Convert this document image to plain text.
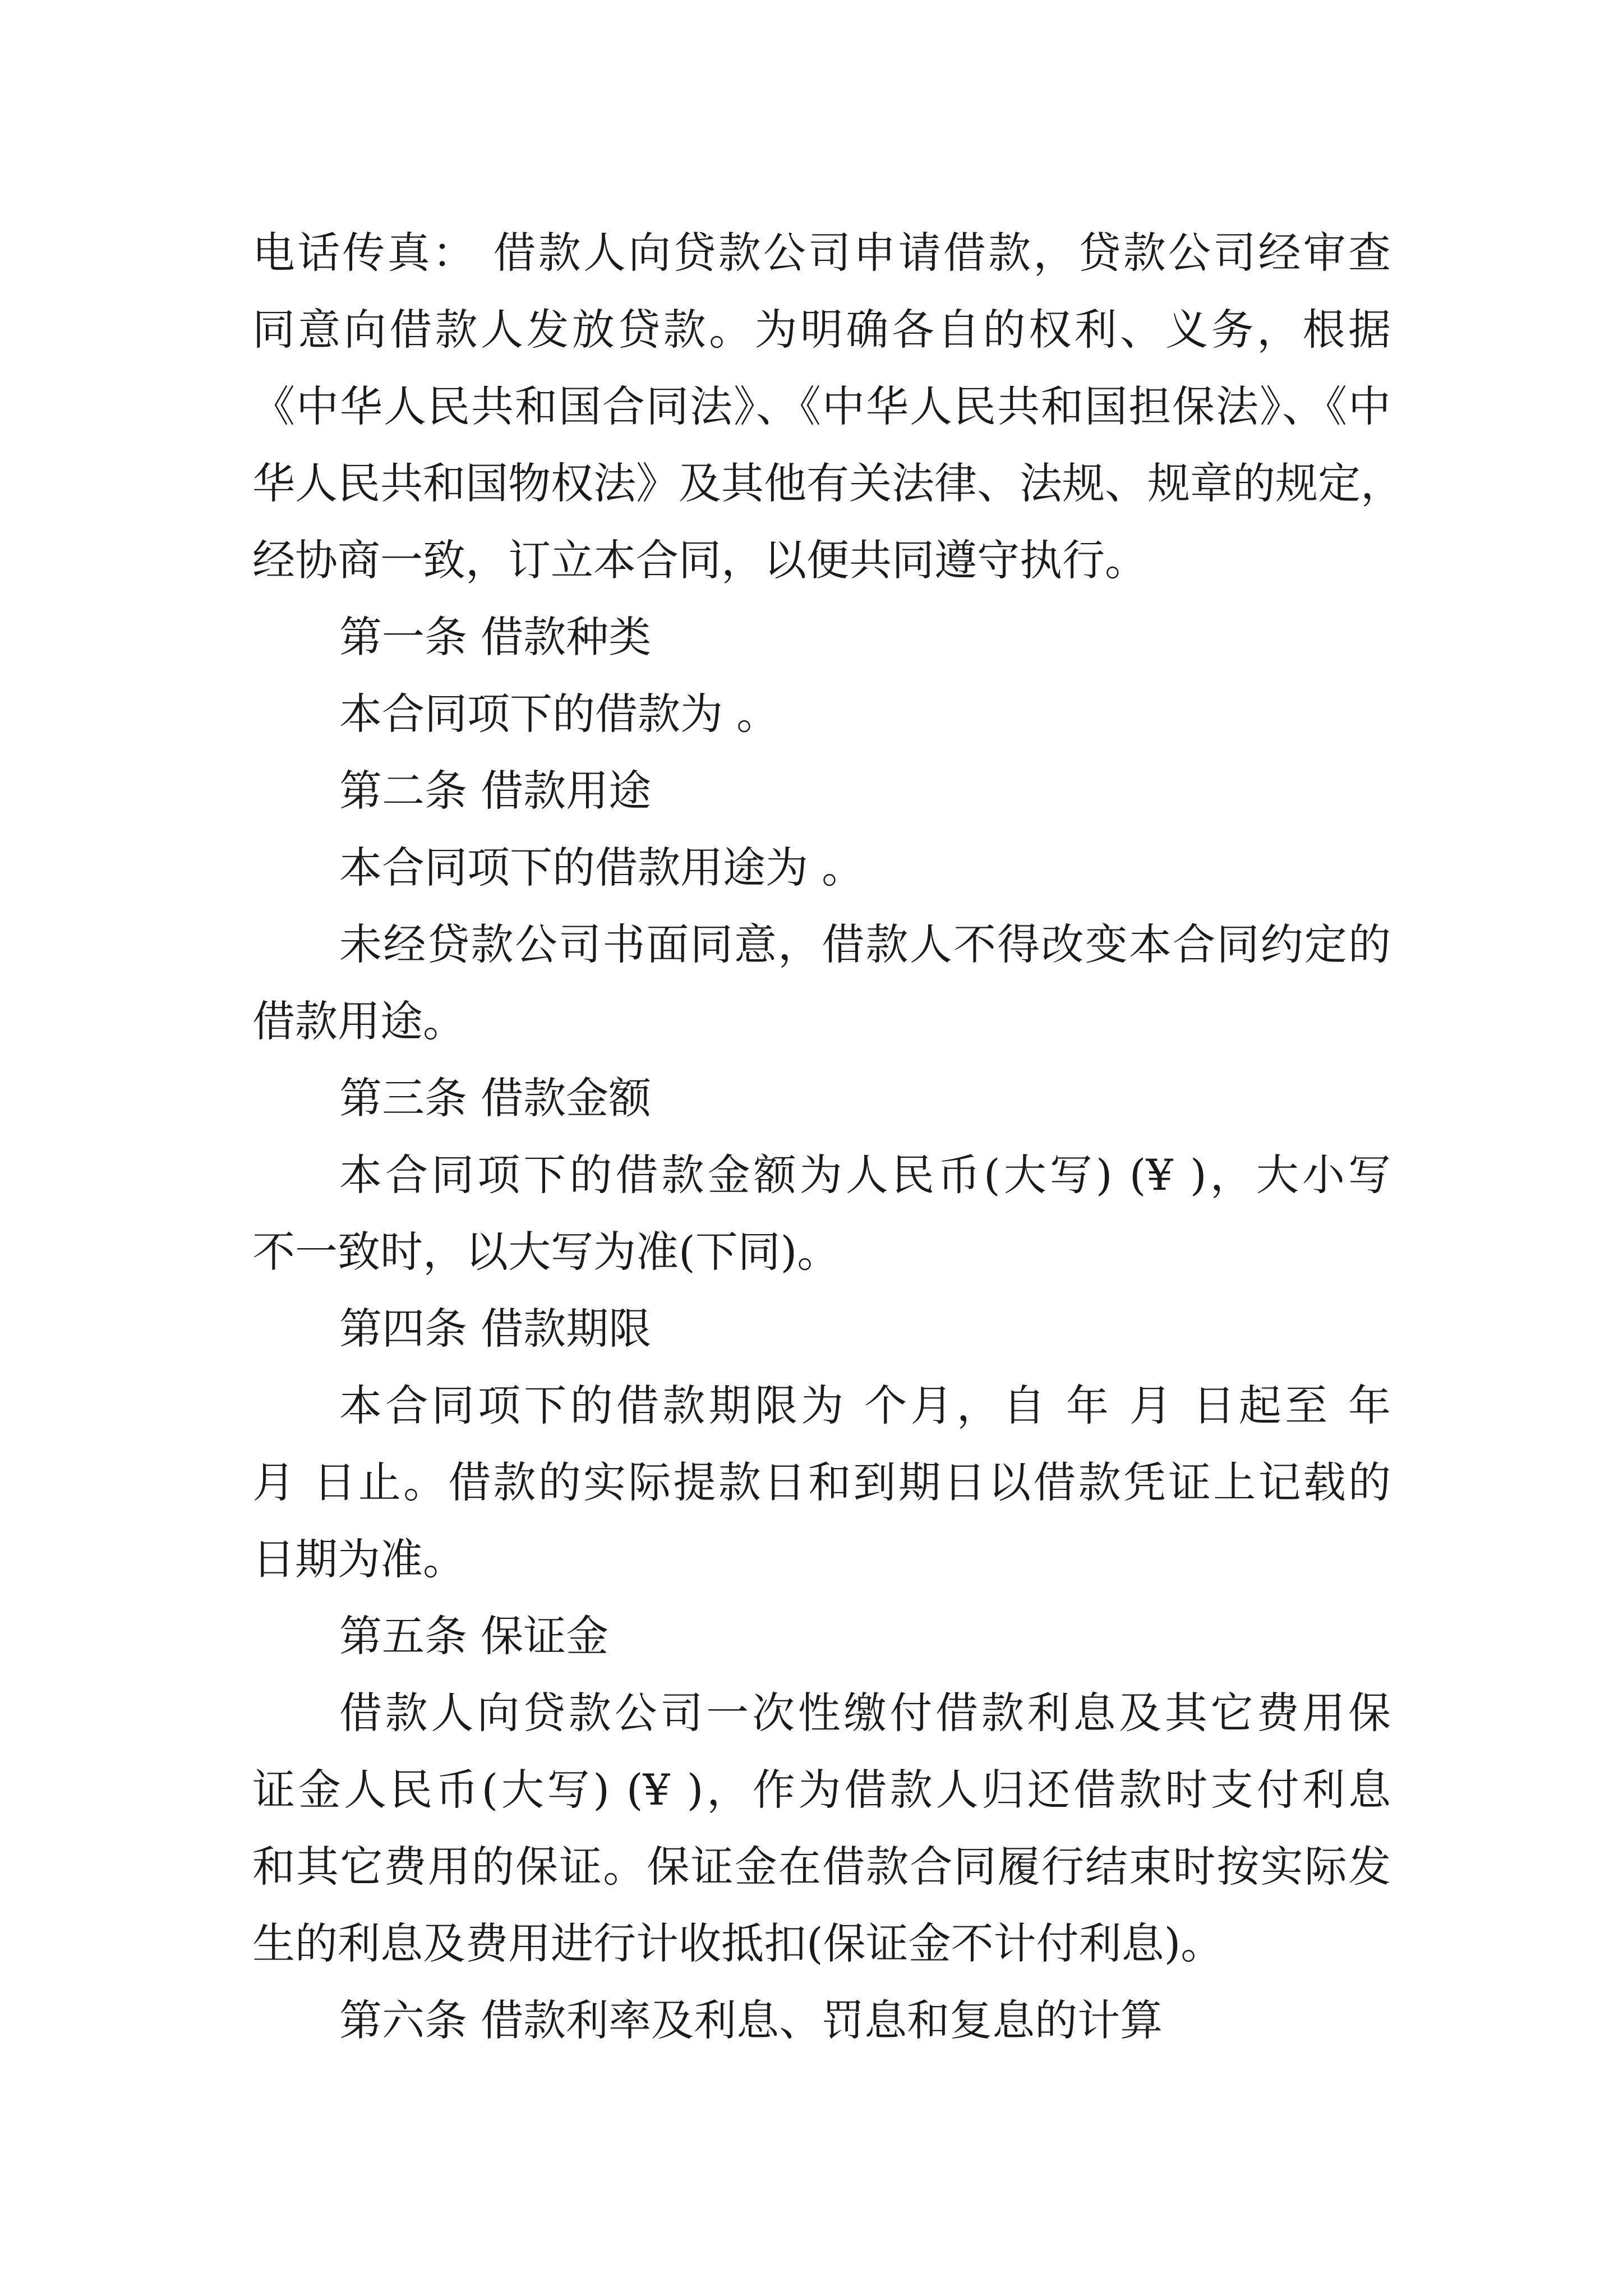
电话传真： 借款人向贷款公司申请借款，贷款公司经审查
同意向借款人发放贷款。为明确各自的权利、义务，根据
《中华人民共和国合同法》、《中华人民共和国担保法》、《中
华人民共和国物权法》及其他有关法律、法规、规章的规定，
经协商一致，订立本合同，以便共同遵守执行。
第一条 借款种类
本合同项下的借款为 。
第二条 借款用途
本合同项下的借款用途为 。
未经贷款公司书面同意，借款人不得改变本合同约定的
借款用途。
第三条 借款金额
本合同项下的借款金额为人民币(大写) (¥ )，大小写
不一致时，以大写为准(下同)。
第四条 借款期限
本合同项下的借款期限为 个月，自 年 月 日起至 年
月 日止。借款的实际提款日和到期日以借款凭证上记载的
日期为准。
第五条 保证金
借款人向贷款公司一次性缴付借款利息及其它费用保
证金人民币(大写) (¥ )，作为借款人归还借款时支付利息
和其它费用的保证。保证金在借款合同履行结束时按实际发
生的利息及费用进行计收抵扣(保证金不计付利息)。
第六条 借款利率及利息、罚息和复息的计算
